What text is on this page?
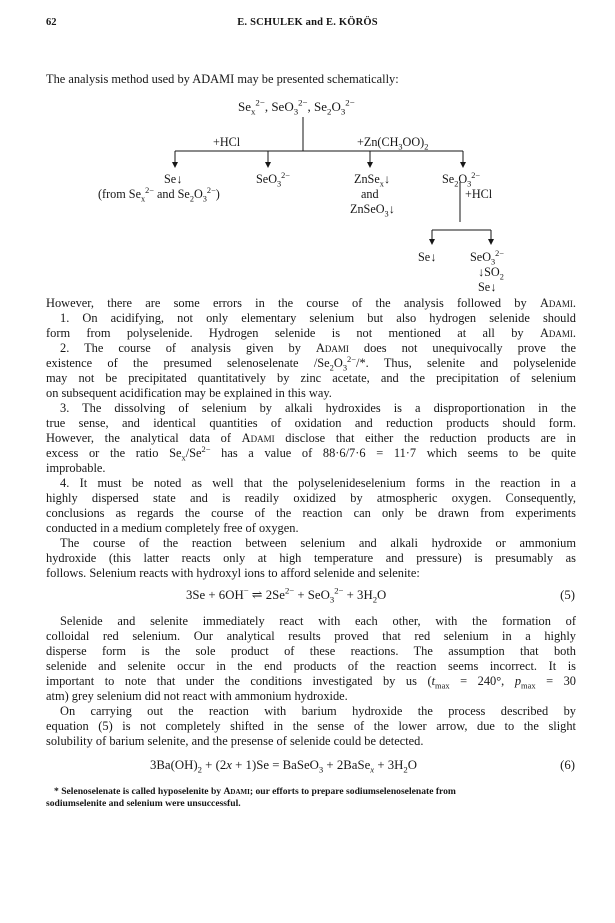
62	E. SCHULEK and E. KÖRÖS
The analysis method used by ADAMI may be presented schematically:
$Se_x^{2-}$, SeO$_3^{2-}$, $Se_2O_3^{2-}$
+HCl	$+Zn(CH_3OO)_2$
Se↓
(from $Se_x^{2-}$ and $Se_2O_3^{2-}$)
SeO$_3^{2-}$	ZnSe$_x$↓
and
ZnSeO$_3$↓
$Se_2O_3^{2-}$
+HCl
Se↓	SeO$_3^{2-}$
$↓SO_2$
Se↓
However, there are some errors in the course of the analysis followed by Adami.
1. On acidifying, not only elementary selenium but also hydrogen selenide should
form from polyselenide. Hydrogen selenide is not mentioned at all by Adami.
2. The course of analysis given by Adami does not unequivocally prove the
existence of the presumed selenoselenate $/Se_2O_3^{2-}/*$. Thus, selenite and polyselenide
may not be precipitated quantitatively by zinc acetate, and the precipitation of selenium
on subsequent acidification may be explained in this way.
3. The dissolving of selenium by alkali hydroxides is a disproportionation in the
true sense, and identical quantities of oxidation and reduction products should form.
However, the analytical data of Adami disclose that either the reduction products are in
excess or the ratio $Se_x/Se^{2-}$ has a value of 88·6/7·6 = 11·7 which seems to be quite
improbable.
4. It must be noted as well that the polyselenideselenium forms in the reaction in a
highly dispersed state and is readily oxidized by atmospheric oxygen. Consequently,
conclusions as regards the course of the reaction can only be drawn from experiments
conducted in a medium completely free of oxygen.
The course of the reaction between selenium and alkali hydroxide or ammonium
hydroxide (this latter reacts only at high temperature and pressure) is presumably as
follows. Selenium reacts with hydroxyl ions to afford selenide and selenite:
3Se + 6OH− ⇌ $2Se^{2-} + SeO_3^{2-} + 3H_2O$	(5)
Selenide and selenite immediately react with each other, with the formation of
colloidal red selenium. Our analytical results proved that red selenium in a highly
disperse form is the sole product of these reactions. The assumption that both
selenide and selenite occur in the end products of the reaction seems incorrect. It is
important to note that under the conditions investigated by us ($t_{max} = 240^\circ$, $p_{max} = 30$
atm) grey selenium did not react with ammonium hydroxide.
On carrying out the reaction with barium hydroxide the process described by
equation (5) is not completely shifted in the sense of the lower arrow, due to the slight
solubility of barium selenite, and the presense of selenide could be detected.
$3Ba(OH)_2 + (2x + 1)Se$ = BaSeO$_3$ + 2BaSe$_x$ + $3H_2O$	(6)
* Selenoselenate is called hyposelenite by Adami; our efforts to prepare sodiumselenoselenate from
sodiumselenite and selenium were unsuccessful.
